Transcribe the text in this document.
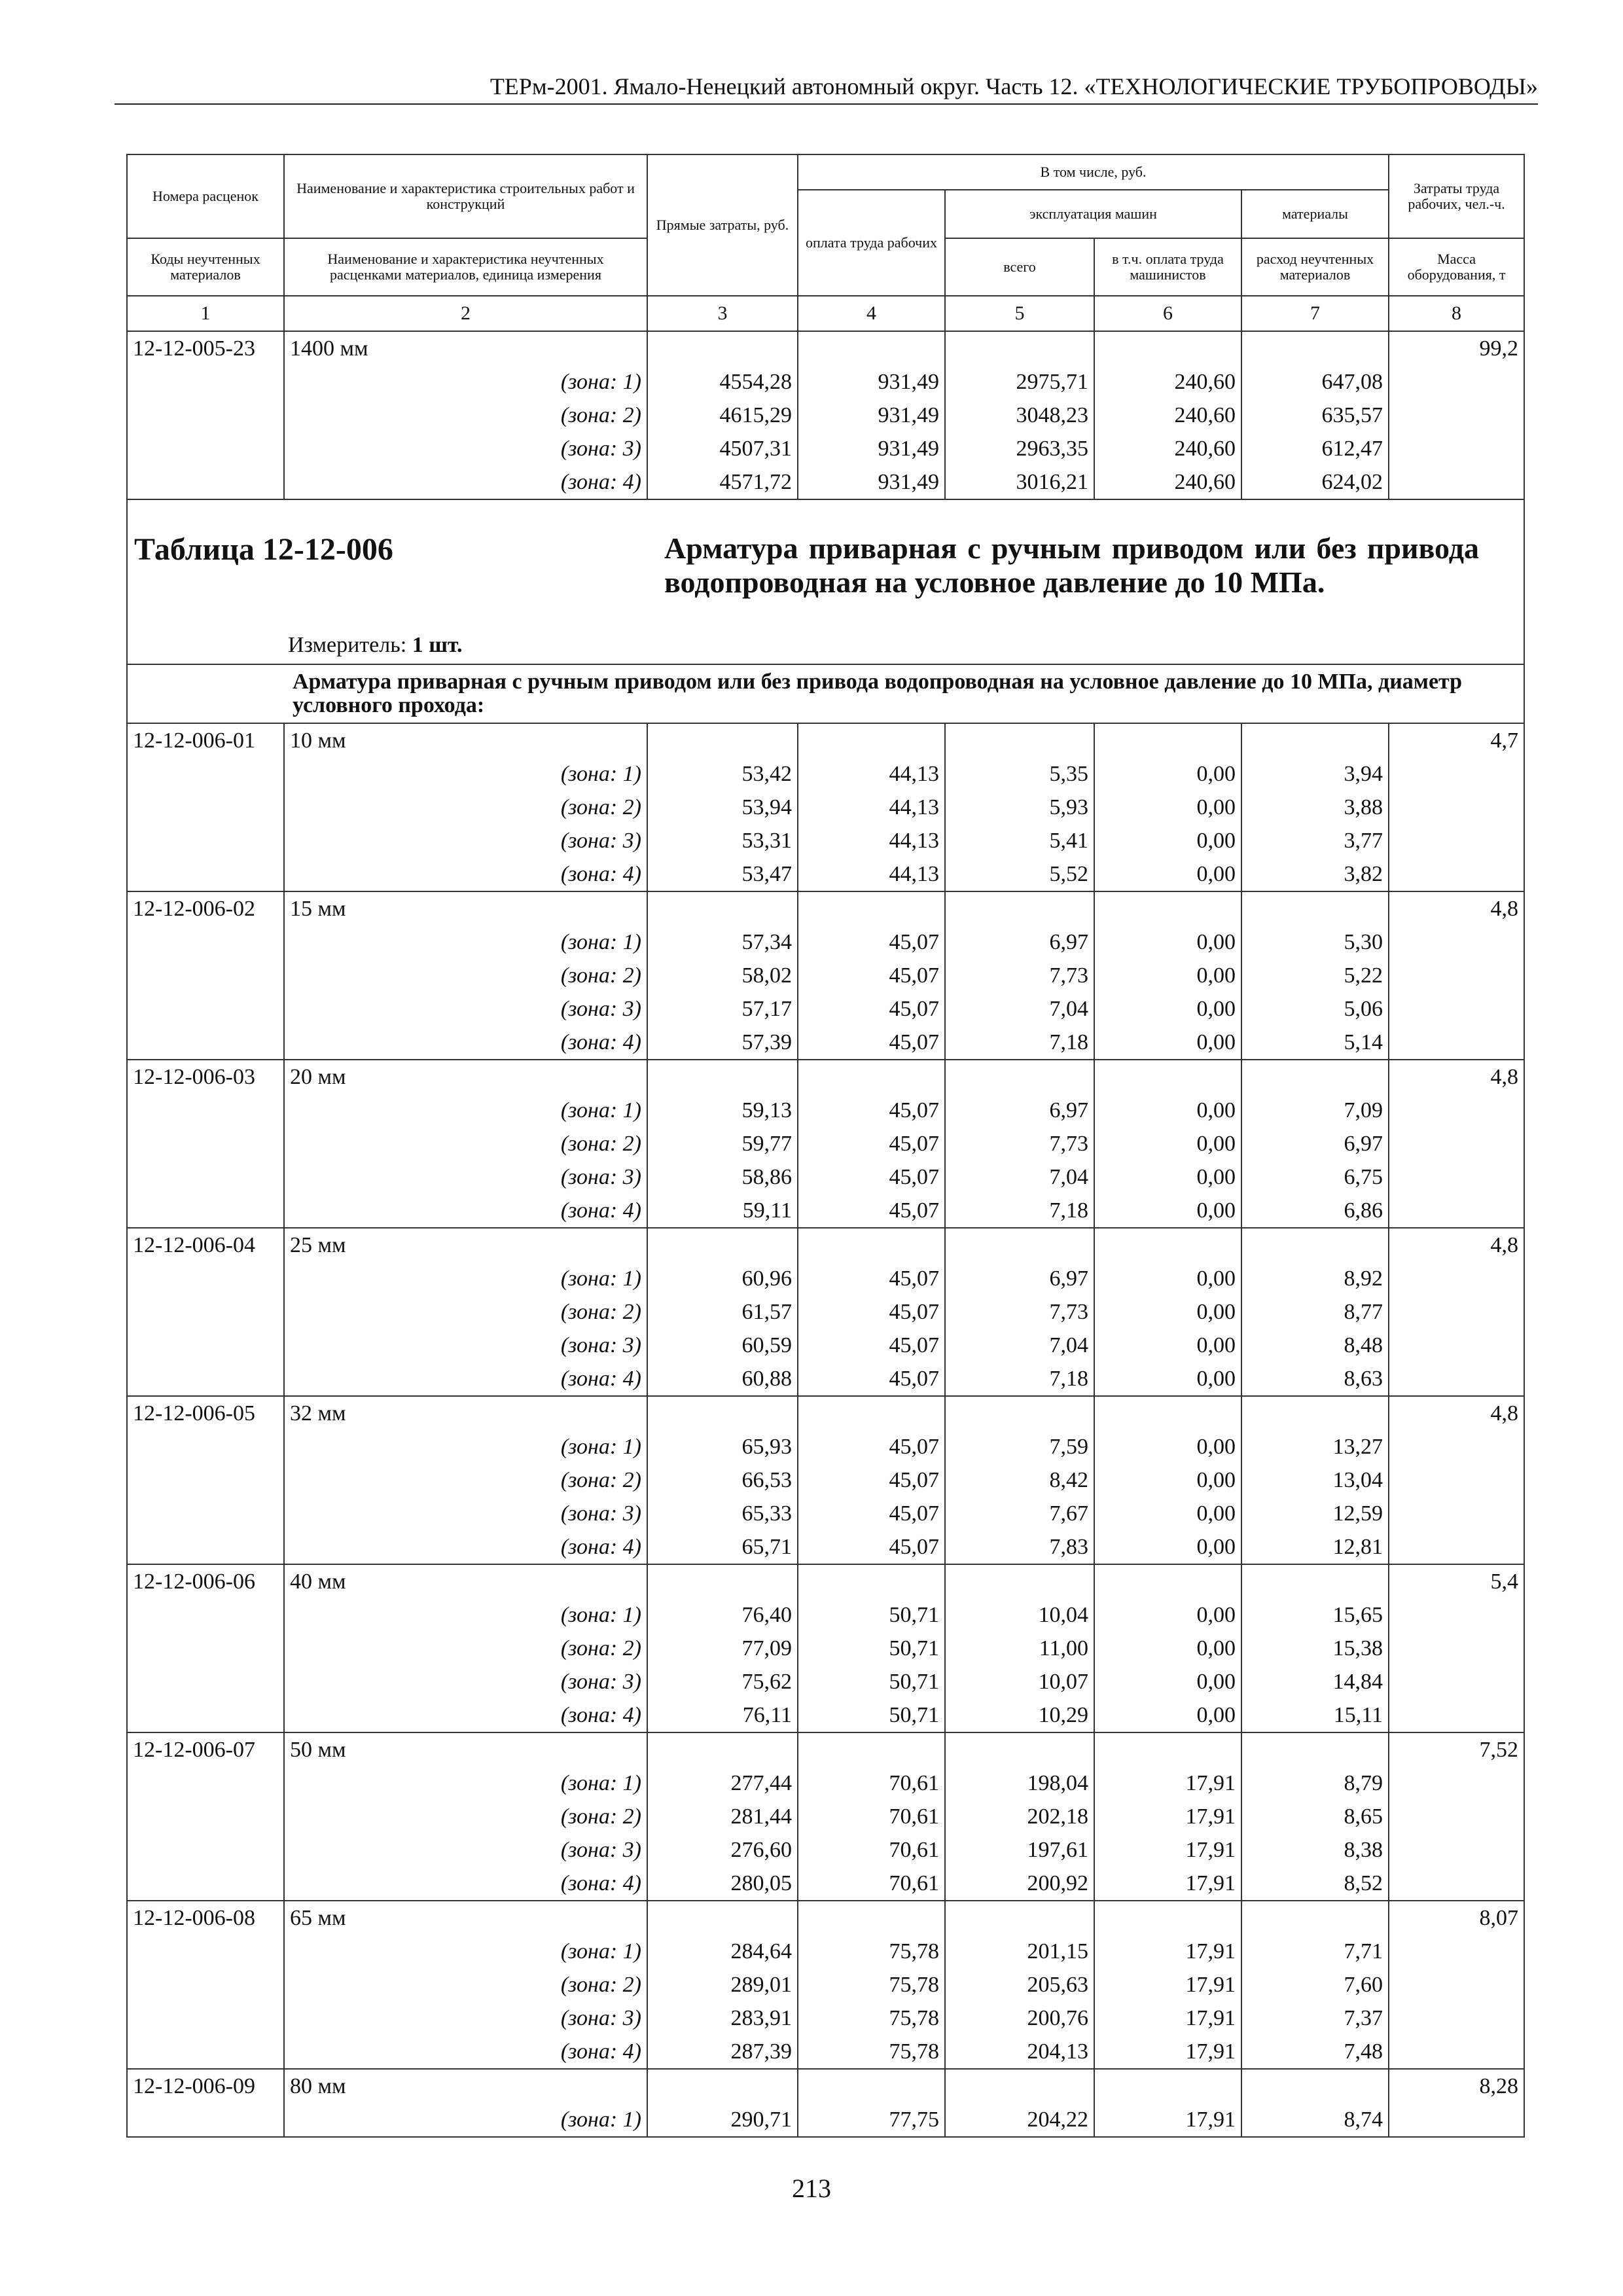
ТЕРм-2001. Ямало-Ненецкий автономный округ. Часть 12. «ТЕХНОЛОГИЧЕСКИЕ ТРУБОПРОВОДЫ»
Номера расценок	Наименование и характеристика строительных работ и конструкций	Прямые затраты, руб.	В том числе, руб.				Затраты труда рабочих, чел.-ч.
			оплата труда рабочих	эксплуатация машин		материалы	
Коды неучтенных материалов	Наименование и характеристика неучтенных расценками материалов, единица измерения			всего	в т.ч. оплата труда машинистов	расход неучтенных материалов	Масса оборудования, т
1	2	3	4	5	6	7	8
12-12-005-23	1400 мм						99,2
	(зона: 1)	4554,28	931,49	2975,71	240,60	647,08	
	(зона: 2)	4615,29	931,49	3048,23	240,60	635,57	
	(зона: 3)	4507,31	931,49	2963,35	240,60	612,47	
	(зона: 4)	4571,72	931,49	3016,21	240,60	624,02	

Таблица 12-12-006 Арматура приварная с ручным приводом или без привода водопроводная на условное давление до 10 МПа.
Измеритель: 1 шт.							

Арматура приварная с ручным приводом или без привода водопроводная на условное давление до 10 МПа, диаметр условного прохода:							
12-12-006-01	10 мм						4,7
	(зона: 1)	53,42	44,13	5,35	0,00	3,94	
	(зона: 2)	53,94	44,13	5,93	0,00	3,88	
	(зона: 3)	53,31	44,13	5,41	0,00	3,77	
	(зона: 4)	53,47	44,13	5,52	0,00	3,82	
12-12-006-02	15 мм						4,8
	(зона: 1)	57,34	45,07	6,97	0,00	5,30	
	(зона: 2)	58,02	45,07	7,73	0,00	5,22	
	(зона: 3)	57,17	45,07	7,04	0,00	5,06	
	(зона: 4)	57,39	45,07	7,18	0,00	5,14	
12-12-006-03	20 мм						4,8
	(зона: 1)	59,13	45,07	6,97	0,00	7,09	
	(зона: 2)	59,77	45,07	7,73	0,00	6,97	
	(зона: 3)	58,86	45,07	7,04	0,00	6,75	
	(зона: 4)	59,11	45,07	7,18	0,00	6,86	
12-12-006-04	25 мм						4,8
	(зона: 1)	60,96	45,07	6,97	0,00	8,92	
	(зона: 2)	61,57	45,07	7,73	0,00	8,77	
	(зона: 3)	60,59	45,07	7,04	0,00	8,48	
	(зона: 4)	60,88	45,07	7,18	0,00	8,63	
12-12-006-05	32 мм						4,8
	(зона: 1)	65,93	45,07	7,59	0,00	13,27	
	(зона: 2)	66,53	45,07	8,42	0,00	13,04	
	(зона: 3)	65,33	45,07	7,67	0,00	12,59	
	(зона: 4)	65,71	45,07	7,83	0,00	12,81	
12-12-006-06	40 мм						5,4
	(зона: 1)	76,40	50,71	10,04	0,00	15,65	
	(зона: 2)	77,09	50,71	11,00	0,00	15,38	
	(зона: 3)	75,62	50,71	10,07	0,00	14,84	
	(зона: 4)	76,11	50,71	10,29	0,00	15,11	
12-12-006-07	50 мм						7,52
	(зона: 1)	277,44	70,61	198,04	17,91	8,79	
	(зона: 2)	281,44	70,61	202,18	17,91	8,65	
	(зона: 3)	276,60	70,61	197,61	17,91	8,38	
	(зона: 4)	280,05	70,61	200,92	17,91	8,52	
12-12-006-08	65 мм						8,07
	(зона: 1)	284,64	75,78	201,15	17,91	7,71	
	(зона: 2)	289,01	75,78	205,63	17,91	7,60	
	(зона: 3)	283,91	75,78	200,76	17,91	7,37	
	(зона: 4)	287,39	75,78	204,13	17,91	7,48	
12-12-006-09	80 мм						8,28
	(зона: 1)	290,71	77,75	204,22	17,91	8,74	
213
